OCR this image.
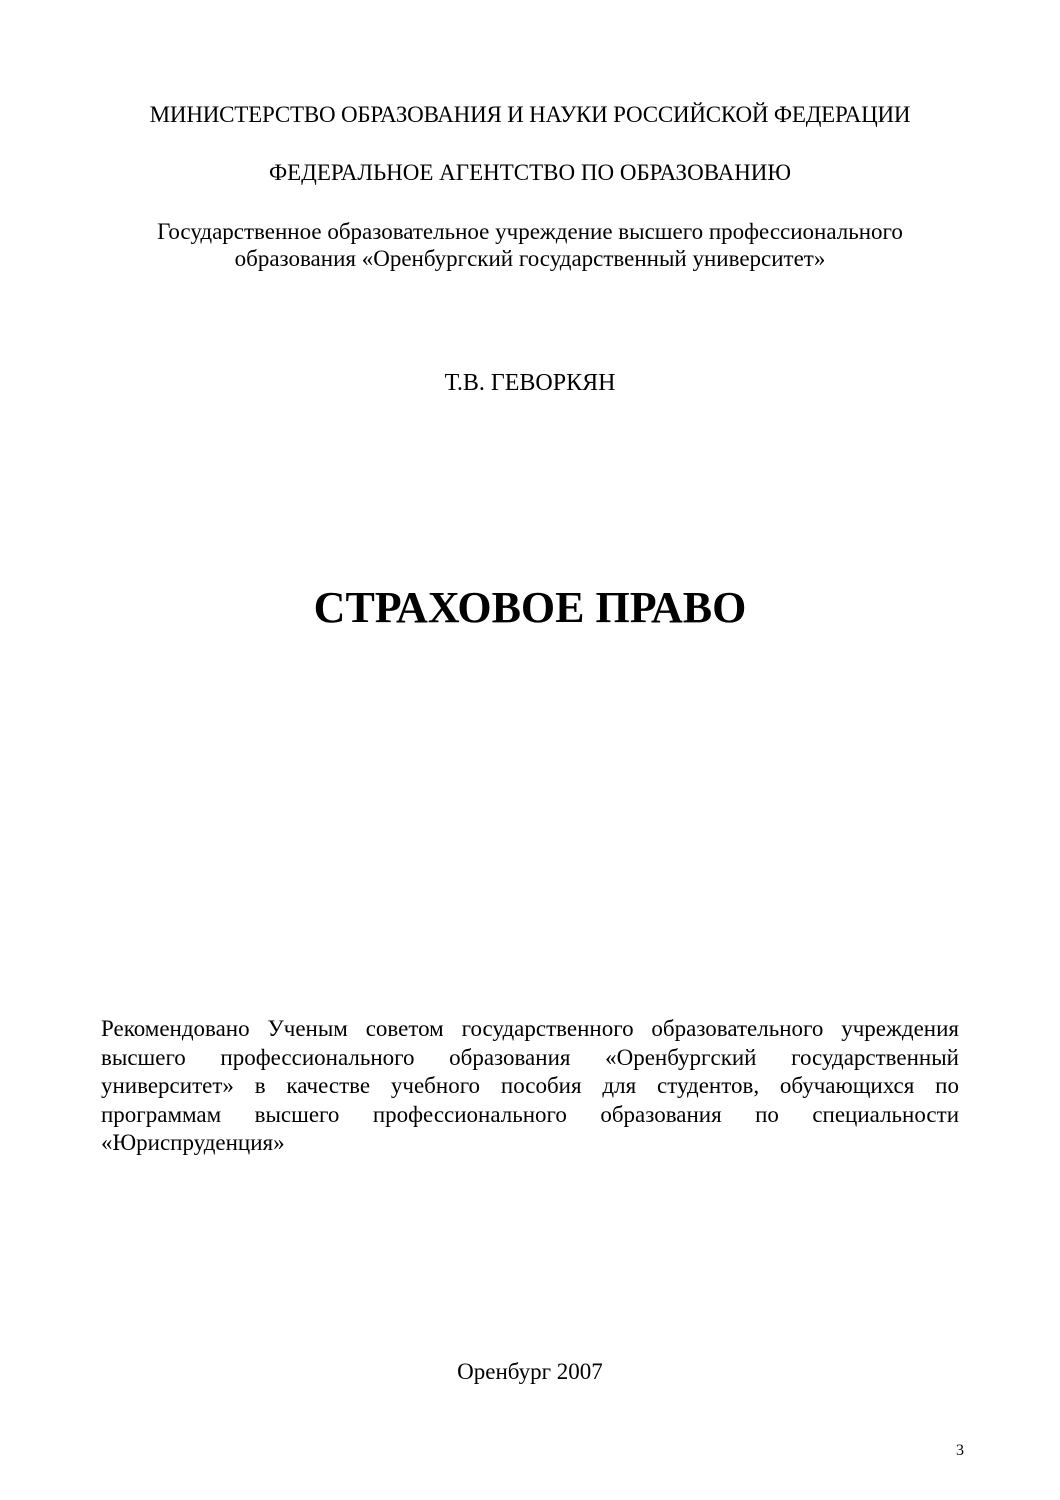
МИНИСТЕРСТВО ОБРАЗОВАНИЯ И НАУКИ РОССИЙСКОЙ ФЕДЕРАЦИИ
ФЕДЕРАЛЬНОЕ АГЕНТСТВО ПО ОБРАЗОВАНИЮ
Государственное образовательное учреждение высшего профессионального
образования «Оренбургский государственный университет»
Т.В. ГЕВОРКЯН
СТРАХОВОЕ ПРАВО
Рекомендовано Ученым советом государственного образовательного учреждения высшего профессионального образования «Оренбургский государственный университет» в качестве учебного пособия для студентов, обучающихся по программам высшего профессионального образования по специальности «Юриспруденция»
Оренбург 2007
3
